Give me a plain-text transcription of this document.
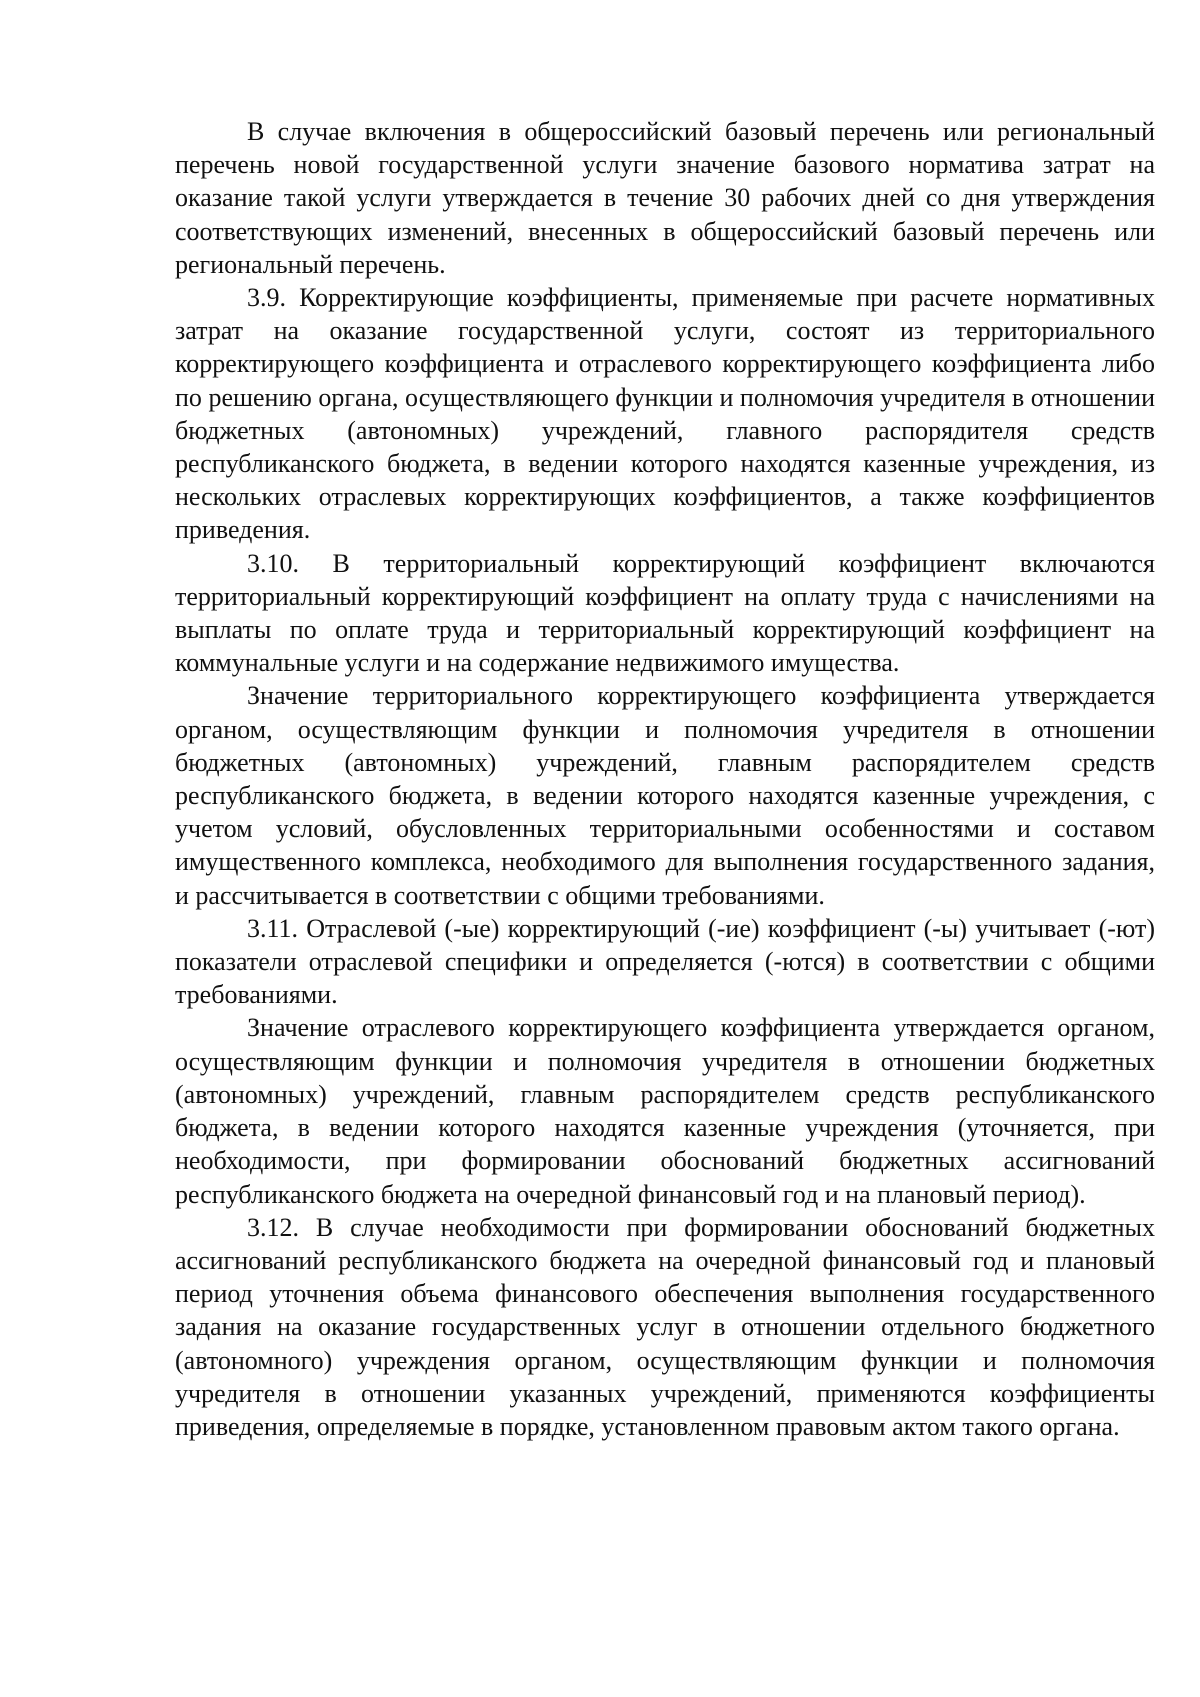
В случае включения в общероссийский базовый перечень или региональный перечень новой государственной услуги значение базового норматива затрат на оказание такой услуги утверждается в течение 30 рабочих дней со дня утверждения соответствующих изменений, внесенных в общероссийский базовый перечень или региональный перечень.

3.9. Корректирующие коэффициенты, применяемые при расчете нормативных затрат на оказание государственной услуги, состоят из территориального корректирующего коэффициента и отраслевого корректирующего коэффициента либо по решению органа, осуществляющего функции и полномочия учредителя в отношении бюджетных (автономных) учреждений, главного распорядителя средств республиканского бюджета, в ведении которого находятся казенные учреждения, из нескольких отраслевых корректирующих коэффициентов, а также коэффициентов приведения.

3.10. В территориальный корректирующий коэффициент включаются территориальный корректирующий коэффициент на оплату труда с начислениями на выплаты по оплате труда и территориальный корректирующий коэффициент на коммунальные услуги и на содержание недвижимого имущества.

Значение территориального корректирующего коэффициента утверждается органом, осуществляющим функции и полномочия учредителя в отношении бюджетных (автономных) учреждений, главным распорядителем средств республиканского бюджета, в ведении которого находятся казенные учреждения, с учетом условий, обусловленных территориальными особенностями и составом имущественного комплекса, необходимого для выполнения государственного задания, и рассчитывается в соответствии с общими требованиями.

3.11. Отраслевой (-ые) корректирующий (-ие) коэффициент (-ы) учитывает (-ют) показатели отраслевой специфики и определяется (-ются) в соответствии с общими требованиями.

Значение отраслевого корректирующего коэффициента утверждается органом, осуществляющим функции и полномочия учредителя в отношении бюджетных (автономных) учреждений, главным распорядителем средств республиканского бюджета, в ведении которого находятся казенные учреждения (уточняется, при необходимости, при формировании обоснований бюджетных ассигнований республиканского бюджета на очередной финансовый год и на плановый период).

3.12. В случае необходимости при формировании обоснований бюджетных ассигнований республиканского бюджета на очередной финансовый год и плановый период уточнения объема финансового обеспечения выполнения государственного задания на оказание государственных услуг в отношении отдельного бюджетного (автономного) учреждения органом, осуществляющим функции и полномочия учредителя в отношении указанных учреждений, применяются коэффициенты приведения, определяемые в порядке, установленном правовым актом такого органа.
